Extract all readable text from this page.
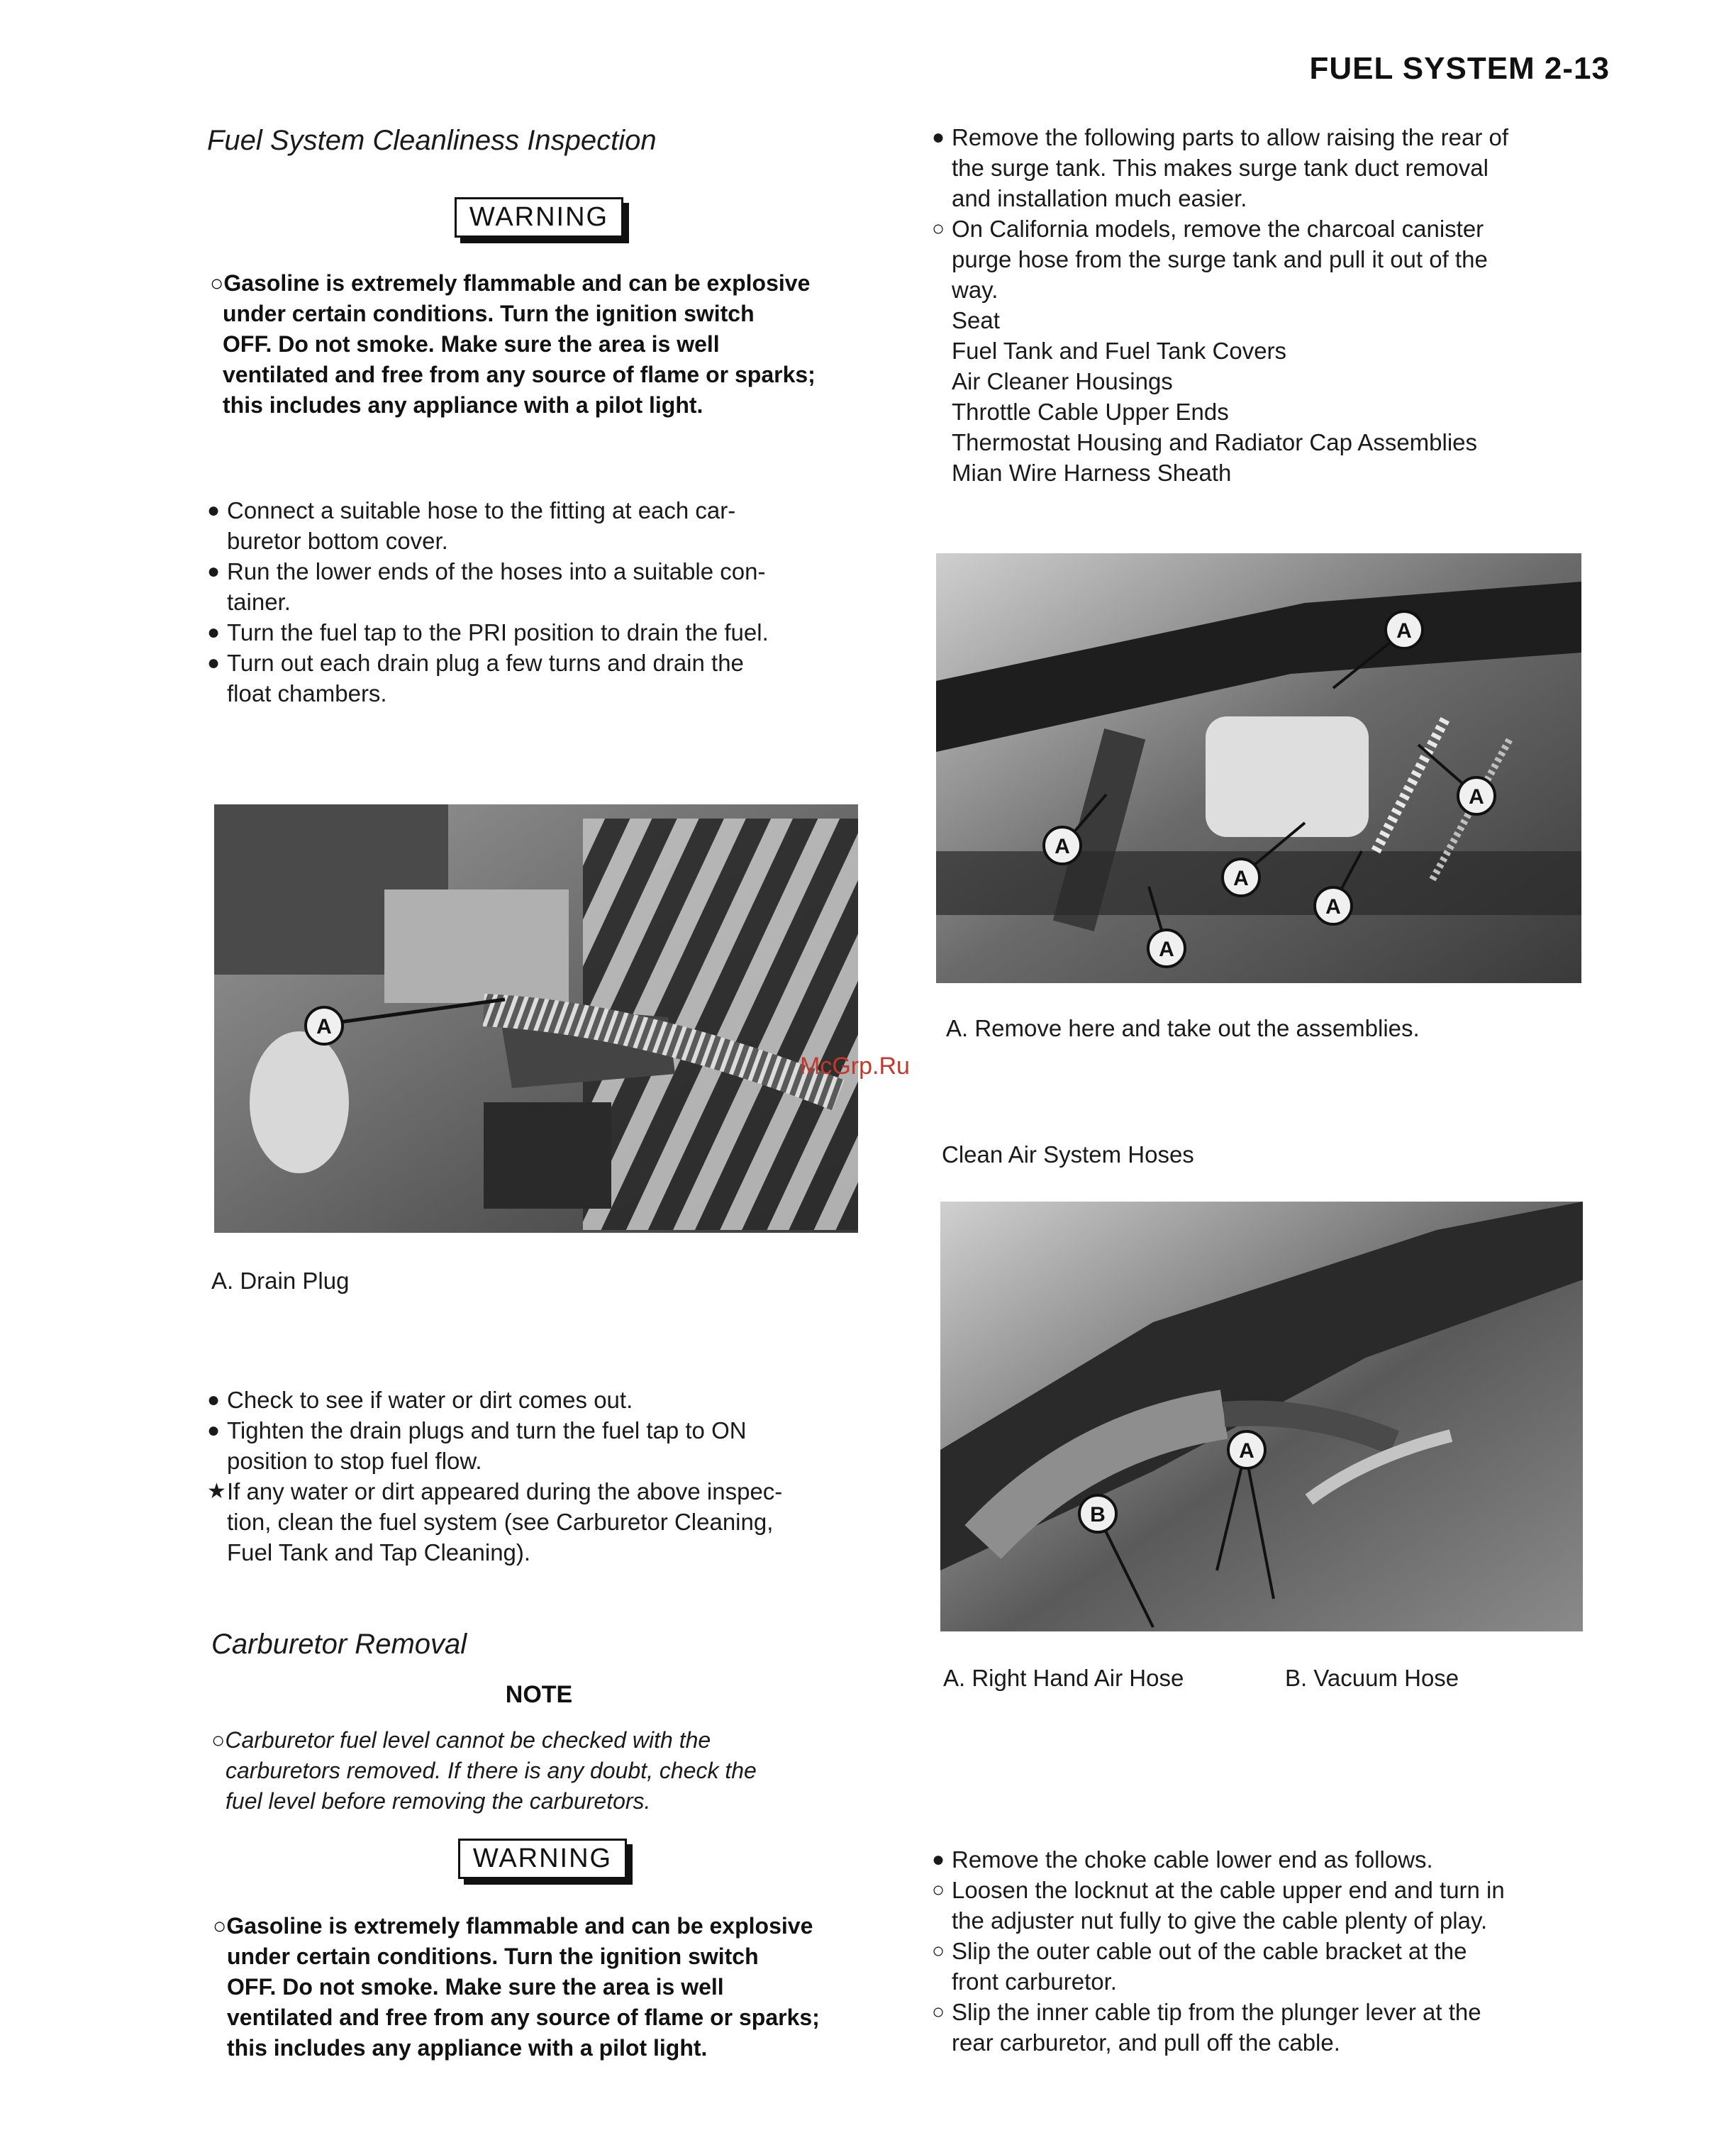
FUEL SYSTEM 2-13
Fuel System Cleanliness Inspection
WARNING
○Gasoline is extremely flammable and can be explosive
under certain conditions. Turn the ignition switch
OFF. Do not smoke. Make sure the area is well
ventilated and free from any source of flame or sparks;
this includes any appliance with a pilot light.
● Connect a suitable hose to the fitting at each car-
buretor bottom cover.
● Run the lower ends of the hoses into a suitable con-
tainer.
● Turn the fuel tap to the PRI position to drain the fuel.
● Turn out each drain plug a few turns and drain the
float chambers.
A
A. Drain Plug
● Check to see if water or dirt comes out.
● Tighten the drain plugs and turn the fuel tap to ON
position to stop fuel flow.
★ If any water or dirt appeared during the above inspec-
tion, clean the fuel system (see Carburetor Cleaning,
Fuel Tank and Tap Cleaning).
Carburetor Removal
NOTE
○Carburetor fuel level cannot be checked with the
carburetors removed. If there is any doubt, check the
fuel level before removing the carburetors.
WARNING
○Gasoline is extremely flammable and can be explosive
under certain conditions. Turn the ignition switch
OFF. Do not smoke. Make sure the area is well
ventilated and free from any source of flame or sparks;
this includes any appliance with a pilot light.
McGrp.Ru
● Remove the following parts to allow raising the rear of
the surge tank. This makes surge tank duct removal
and installation much easier.
○ On California models, remove the charcoal canister
purge hose from the surge tank and pull it out of the
way.
Seat
Fuel Tank and Fuel Tank Covers
Air Cleaner Housings
Throttle Cable Upper Ends
Thermostat Housing and Radiator Cap Assemblies
Mian Wire Harness Sheath
A
A
A
A
A
A
A. Remove here and take out the assemblies.
Clean Air System Hoses
A
B
A. Right Hand Air Hose	B. Vacuum Hose
● Remove the choke cable lower end as follows.
○ Loosen the locknut at the cable upper end and turn in
the adjuster nut fully to give the cable plenty of play.
○ Slip the outer cable out of the cable bracket at the
front carburetor.
○ Slip the inner cable tip from the plunger lever at the
rear carburetor, and pull off the cable.
